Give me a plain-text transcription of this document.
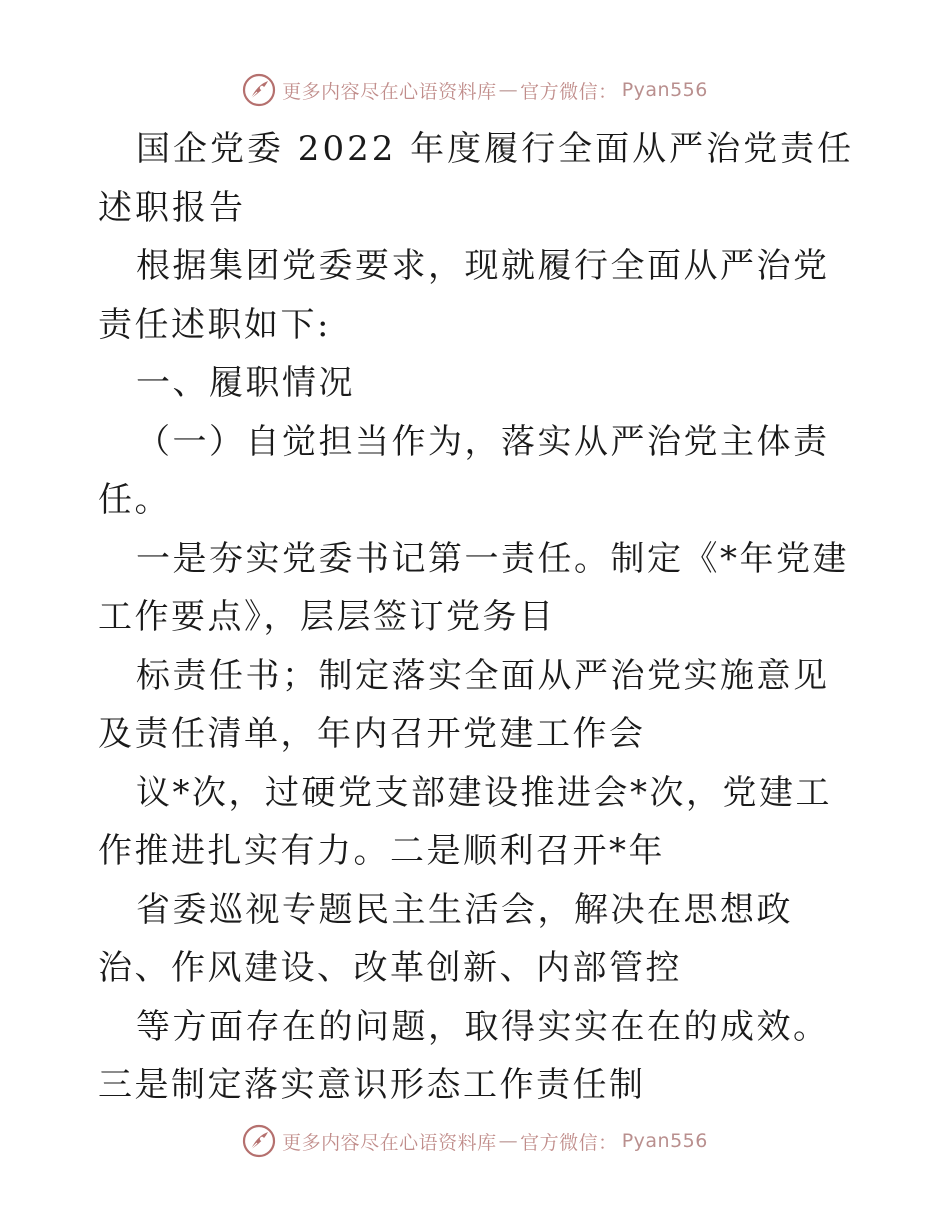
更多内容尽在心语资料库 — 官方微信： Pyan556

国企党委 2022 年度履行全面从严治党责任述职报告

根据集团党委要求，现就履行全面从严治党责任述职如下:

一、履职情况

（一）自觉担当作为，落实从严治党主体责任。

一是夯实党委书记第一责任。制定《*年党建工作要点》，层层签订党务目

标责任书；制定落实全面从严治党实施意见及责任清单，年内召开党建工作会

议*次，过硬党支部建设推进会*次，党建工作推进扎实有力。二是顺利召开*年

省委巡视专题民主生活会，解决在思想政治、作风建设、改革创新、内部管控

等方面存在的问题，取得实实在在的成效。三是制定落实意识形态工作责任制

更多内容尽在心语资料库 — 官方微信： Pyan556
